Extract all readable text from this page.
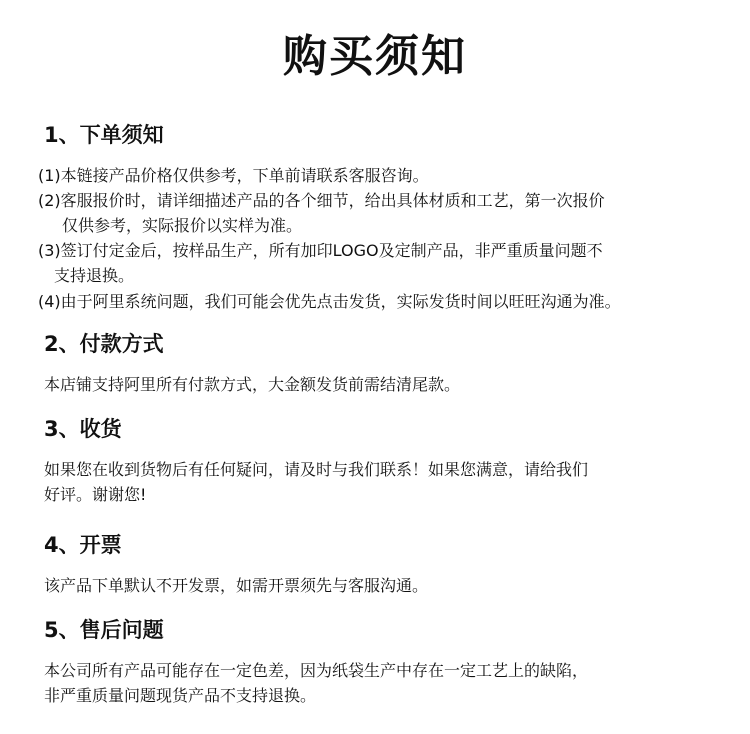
购买须知
1、下单须知
(1)本链接产品价格仅供参考，下单前请联系客服咨询。
(2)客服报价时，请详细描述产品的各个细节，给出具体材质和工艺，第一次报价
仅供参考，实际报价以实样为准。
(3)签订付定金后，按样品生产，所有加印LOGO及定制产品，非严重质量问题不
支持退换。
(4)由于阿里系统问题，我们可能会优先点击发货，实际发货时间以旺旺沟通为准。
2、付款方式
本店铺支持阿里所有付款方式，大金额发货前需结清尾款。
3、收货
如果您在收到货物后有任何疑问，请及时与我们联系！如果您满意，请给我们
好评。谢谢您!
4、开票
该产品下单默认不开发票，如需开票须先与客服沟通。
5、售后问题
本公司所有产品可能存在一定色差，因为纸袋生产中存在一定工艺上的缺陷，
非严重质量问题现货产品不支持退换。
